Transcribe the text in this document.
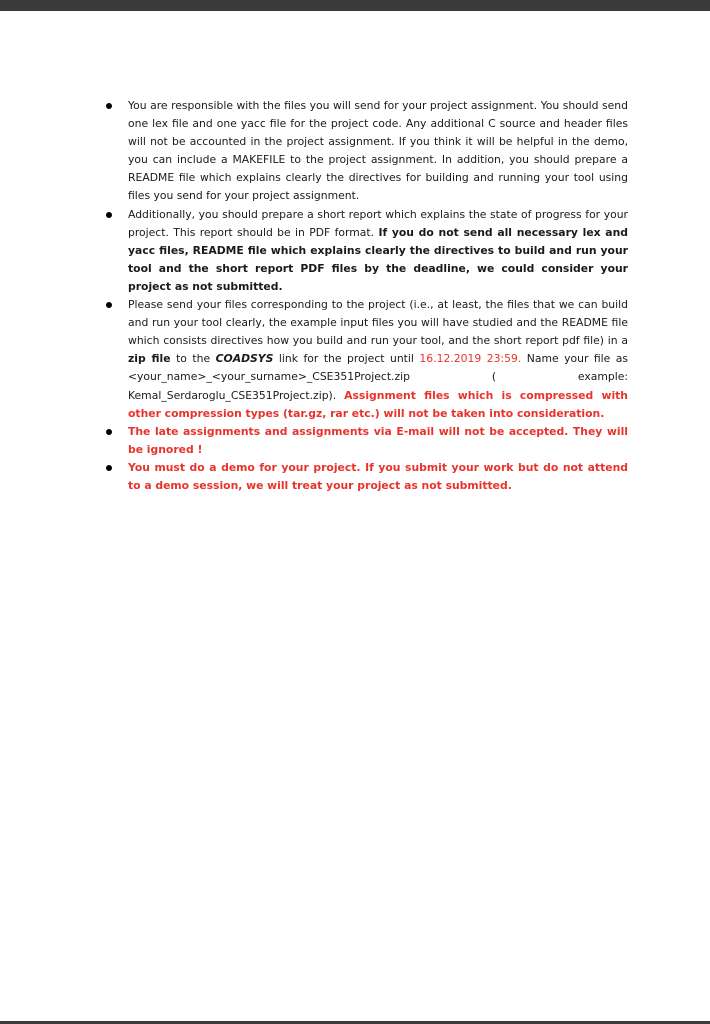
You are responsible with the files you will send for your project assignment. You should send one lex file and one yacc file for the project code. Any additional C source and header files will not be accounted in the project assignment. If you think it will be helpful in the demo, you can include a MAKEFILE to the project assignment. In addition, you should prepare a README file which explains clearly the directives for building and running your tool using files you send for your project assignment.
Additionally, you should prepare a short report which explains the state of progress for your project. This report should be in PDF format. If you do not send all necessary lex and yacc files, README file which explains clearly the directives to build and run your tool and the short report PDF files by the deadline, we could consider your project as not submitted.
Please send your files corresponding to the project (i.e., at least, the files that we can build and run your tool clearly, the example input files you will have studied and the README file which consists directives how you build and run your tool, and the short report pdf file) in a zip file to the COADSYS link for the project until 16.12.2019 23:59. Name your file as <your_name>_<your_surname>_CSE351Project.zip ( example: Kemal_Serdaroglu_CSE351Project.zip). Assignment files which is compressed with other compression types (tar.gz, rar etc.) will not be taken into consideration.
The late assignments and assignments via E-mail will not be accepted. They will be ignored !
You must do a demo for your project. If you submit your work but do not attend to a demo session, we will treat your project as not submitted.
